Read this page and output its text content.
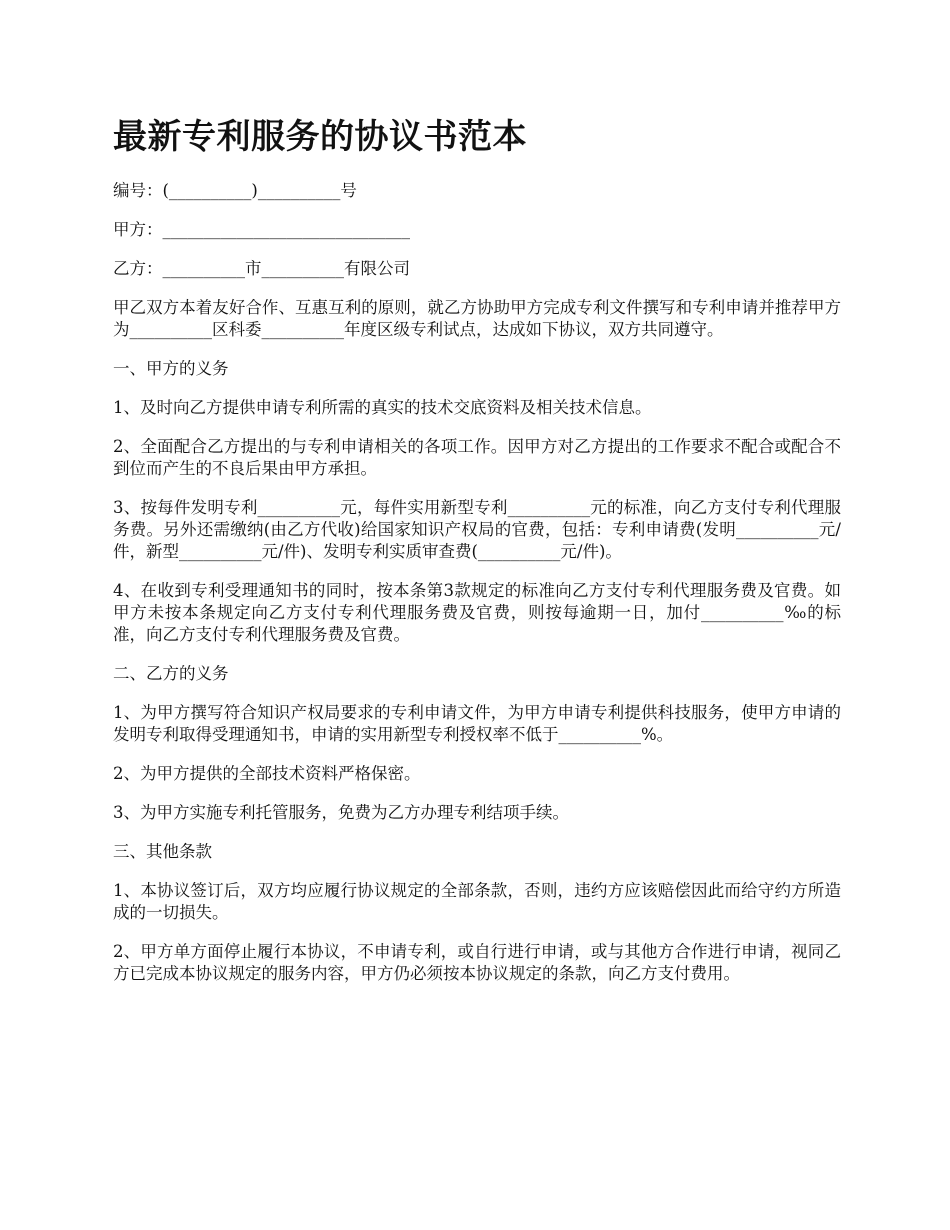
最新专利服务的协议书范本

编号：(__________)__________号

甲方：______________________________

乙方：__________市__________有限公司

甲乙双方本着友好合作、互惠互利的原则，就乙方协助甲方完成专利文件撰写和专利申请并推荐甲方为__________区科委__________年度区级专利试点，达成如下协议，双方共同遵守。

一、甲方的义务

1、及时向乙方提供申请专利所需的真实的技术交底资料及相关技术信息。

2、全面配合乙方提出的与专利申请相关的各项工作。因甲方对乙方提出的工作要求不配合或配合不到位而产生的不良后果由甲方承担。

3、按每件发明专利__________元，每件实用新型专利__________元的标准，向乙方支付专利代理服务费。另外还需缴纳(由乙方代收)给国家知识产权局的官费，包括：专利申请费(发明__________元/件，新型__________元/件)、发明专利实质审查费(__________元/件)。

4、在收到专利受理通知书的同时，按本条第3款规定的标准向乙方支付专利代理服务费及官费。如甲方未按本条规定向乙方支付专利代理服务费及官费，则按每逾期一日，加付__________‰的标准，向乙方支付专利代理服务费及官费。

二、乙方的义务

1、为甲方撰写符合知识产权局要求的专利申请文件，为甲方申请专利提供科技服务，使甲方申请的发明专利取得受理通知书，申请的实用新型专利授权率不低于__________%。

2、为甲方提供的全部技术资料严格保密。

3、为甲方实施专利托管服务，免费为乙方办理专利结项手续。

三、其他条款

1、本协议签订后，双方均应履行协议规定的全部条款，否则，违约方应该赔偿因此而给守约方所造成的一切损失。

2、甲方单方面停止履行本协议，不申请专利，或自行进行申请，或与其他方合作进行申请，视同乙方已完成本协议规定的服务内容，甲方仍必须按本协议规定的条款，向乙方支付费用。
